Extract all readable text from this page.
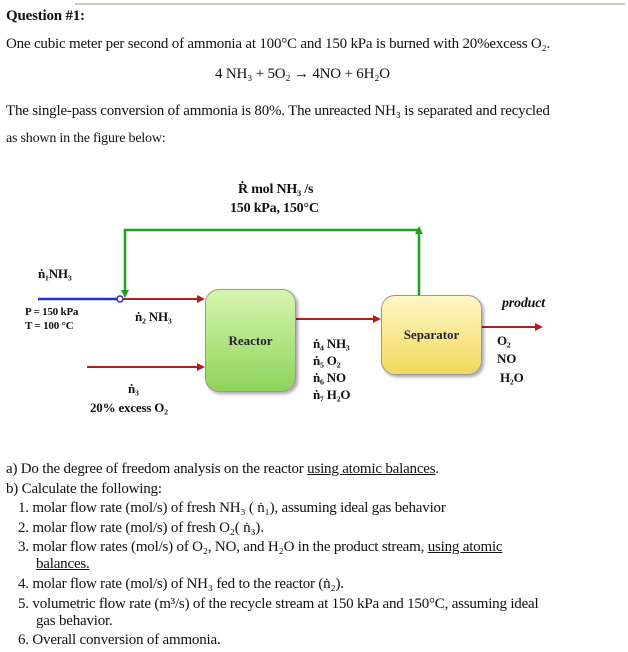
Question #1:
One cubic meter per second of ammonia at 100°C and 150 kPa is burned with 20%excess O₂.
4 NH₃ + 5O₂ → 4NO + 6H₂O
The single-pass conversion of ammonia is 80%. The unreacted NH₃ is separated and recycled
as shown in the figure below:
Ṙ mol NH₃ /s
150 kPa, 150°C
ṅ₁NH₃
P = 150 kPa
T = 100 °C
ṅ₂ NH₃
ṅ₃
20% excess O₂
Reactor	Separator
ṅ₄ NH₃
ṅ₅ O₂
ṅ₆ NO
ṅ₇ H₂O
product
O₂
NO
H₂O
a) Do the degree of freedom analysis on the reactor using atomic balances.
b) Calculate the following:
1. molar flow rate (mol/s) of fresh NH₃ ( ṅ₁), assuming ideal gas behavior
2. molar flow rate (mol/s) of fresh O₂( ṅ₃).
3. molar flow rates (mol/s) of O₂, NO, and H₂O in the product stream, using atomic
balances.
4. molar flow rate (mol/s) of NH₃ fed to the reactor (ṅ₂).
5. volumetric flow rate (m³/s) of the recycle stream at 150 kPa and 150°C, assuming ideal
gas behavior.
6. Overall conversion of ammonia.
